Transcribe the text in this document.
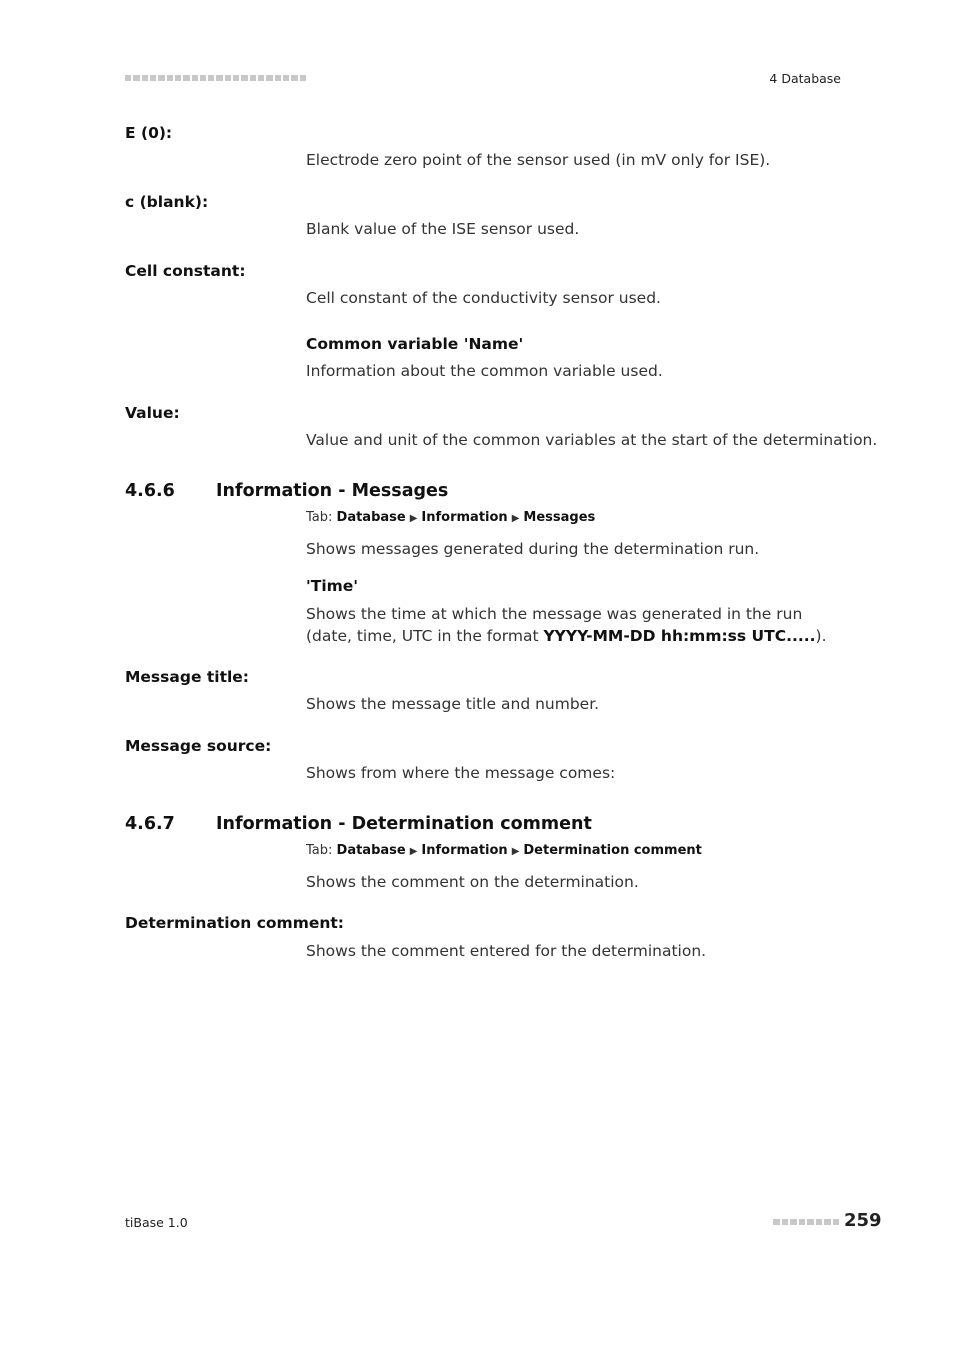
4 Database
E (0):
Electrode zero point of the sensor used (in mV only for ISE).
c (blank):
Blank value of the ISE sensor used.
Cell constant:
Cell constant of the conductivity sensor used.
Common variable 'Name'
Information about the common variable used.
Value:
Value and unit of the common variables at the start of the determination.
4.6.6 Information - Messages
Tab: Database ▶ Information ▶ Messages
Shows messages generated during the determination run.
'Time'
Shows the time at which the message was generated in the run (date, time, UTC in the format YYYY-MM-DD hh:mm:ss UTC.....).
Message title:
Shows the message title and number.
Message source:
Shows from where the message comes:
4.6.7 Information - Determination comment
Tab: Database ▶ Information ▶ Determination comment
Shows the comment on the determination.
Determination comment:
Shows the comment entered for the determination.
tiBase 1.0	259
